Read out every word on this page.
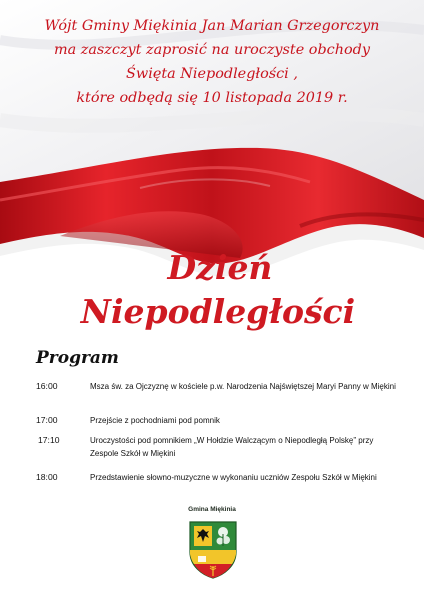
Wójt Gminy Miękinia Jan Marian Grzegorczyn
ma zaszczyt zaprosić na uroczyste obchody
Święta Niepodległości ,
które odbędą się 10 listopada 2019 r.
Dzień
Niepodległości
Program
16:00	Msza św. za Ojczyznę w kościele p.w. Narodzenia Najświętszej Maryi Panny w Miękini
17:00	Przejście z pochodniami pod pomnik
17:10	Uroczystości pod pomnikiem „W Hołdzie Walczącym o Niepodległą Polskę” przy Zespole Szkół w Miękini
18:00	Przedstawienie słowno-muzyczne w wykonaniu uczniów Zespołu Szkół w Miękini
Gmina Miękinia
